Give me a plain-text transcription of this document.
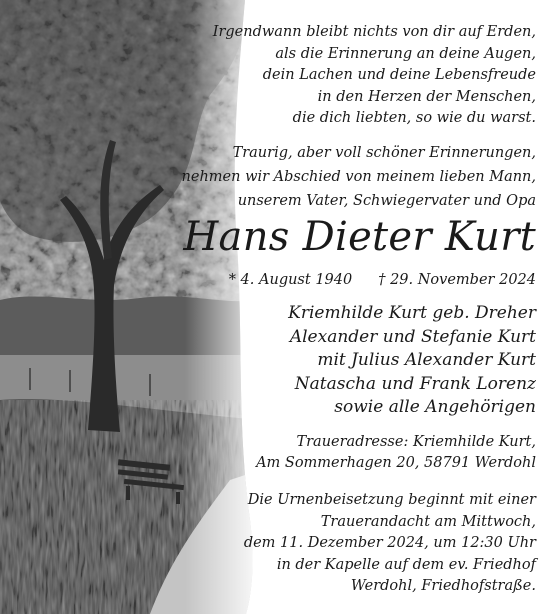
Irgendwann bleibt nichts von dir auf Erden,
als die Erinnerung an deine Augen,
dein Lachen und deine Lebensfreude
in den Herzen der Menschen,
die dich liebten, so wie du warst.
Traurig, aber voll schöner Erinnerungen,
nehmen wir Abschied von meinem lieben Mann,
unserem Vater, Schwiegervater und Opa
Hans Dieter Kurt
* 4. August 1940 † 29. November 2024
Kriemhilde Kurt geb. Dreher
Alexander und Stefanie Kurt
mit Julius Alexander Kurt
Natascha und Frank Lorenz
sowie alle Angehörigen
Traueradresse: Kriemhilde Kurt,
Am Sommerhagen 20, 58791 Werdohl
Die Urnenbeisetzung beginnt mit einer
Trauerandacht am Mittwoch,
dem 11. Dezember 2024, um 12:30 Uhr
in der Kapelle auf dem ev. Friedhof
Werdohl, Friedhofstraße.
